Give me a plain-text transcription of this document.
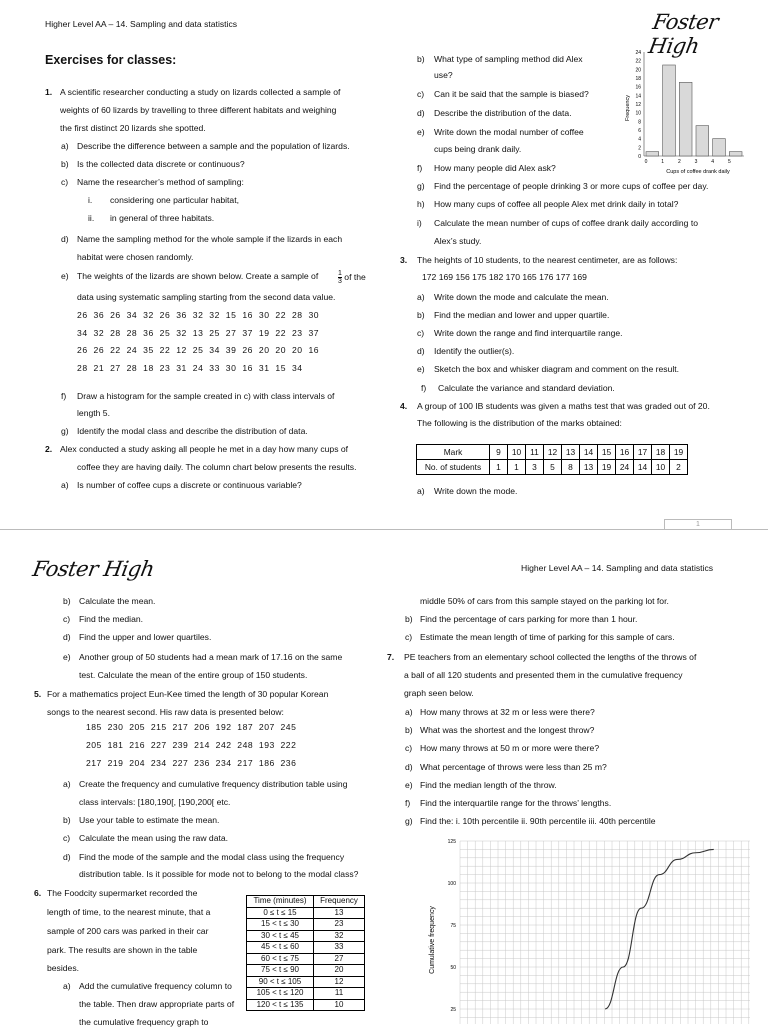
Higher Level AA – 14. Sampling and data statistics	Foster High
Exercises for classes:
1. A scientific researcher conducting a study on lizards collected a sample of
weights of 60 lizards by travelling to three different habitats and weighing
the first distinct 20 lizards she spotted.
a) Describe the difference between a sample and the population of lizards.
b) Is the collected data discrete or continuous?
c) Name the researcher’s method of sampling:
i. considering one particular habitat,
ii. in general of three habitats.
d) Name the sampling method for the whole sample if the lizards in each
habitat were chosen randomly.
e) The weights of the lizards are shown below. Create a sample of
data using systematic sampling starting from the second data value.
f) Draw a histogram for the sample created in c) with class intervals of
length 5.
g) Identify the modal class and describe the distribution of data.
2. Alex conducted a study asking all people he met in a day how many cups of
coffee they are having daily. The column chart below presents the results.
a) Is number of coffee cups a discrete or continuous variable?
$\frac{1}{3}$ of the
26  36  26  34  32  26  36  32  32  15  16  30  22  28  30
34  32  28  28  36  25  32  13  25  27  37  19  22  23  37
26  26  22  24  35  22  12  25  34  39  26  20  20  20  16
28  21  27  28  18  23  31  24  33  30  16  31  15  34
b) What type of sampling method did Alex
use?
c) Can it be said that the sample is biased?
d) Describe the distribution of the data.
e) Write down the modal number of coffee
cups being drank daily.
f) How many people did Alex ask?
g) Find the percentage of people drinking 3 or more cups of coffee per day.
h) How many cups of coffee all people Alex met drink daily in total?
i) Calculate the mean number of cups of coffee drank daily according to
Alex’s study.
3. The heights of 10 students, to the nearest centimeter, are as follows:
172 169 156 175 182 170 165 176 177 169
a) Write down the mode and calculate the mean.
b) Find the median and lower and upper quartile.
c) Write down the range and find interquartile range.
d) Identify the outlier(s).
e) Sketch the box and whisker diagram and comment on the result.
f) Calculate the variance and standard deviation.
4. A group of 100 IB students was given a maths test that was graded out of 20.
The following is the distribution of the marks obtained:
a) Write down the mode.
Frequency
0
2
4
6
8
10
12
14
16
18
20
22
24
0	1	2	3	4	5
Cups of coffee drank daily
Mark	9	10	11	12	13	14	15	16	17	18	19
No. of students	1	1	3	5	8	13	19	24	14	10	2
1
Foster High	Higher Level AA – 14. Sampling and data statistics
b) Calculate the mean.
c) Find the median.
d) Find the upper and lower quartiles.
e) Another group of 50 students had a mean mark of 17.16 on the same
test. Calculate the mean of the entire group of 150 students.
5. For a mathematics project Eun-Kee timed the length of 30 popular Korean
songs to the nearest second. His raw data is presented below:
a) Create the frequency and cumulative frequency distribution table using
class intervals: [180,190[, [190,200[ etc.
b) Use your table to estimate the mean.
c) Calculate the mean using the raw data.
d) Find the mode of the sample and the modal class using the frequency
distribution table. Is it possible for mode not to belong to the modal class?
6. The Foodcity supermarket recorded the
length of time, to the nearest minute, that a
sample of 200 cars was parked in their car
park. The results are shown in the table
besides.
a) Add the cumulative frequency column to
the table. Then draw appropriate parts of
the cumulative frequency graph to
185  230  205  215  217  206  192  187  207  245
205  181  216  227  239  214  242  248  193  222
217  219  204  234  227  236  234  217  186  236
Time (minutes)	Frequency
0 ≤ t ≤ 15	13
15 < t ≤ 30	23
30 < t ≤ 45	32
45 < t ≤ 60	33
60 < t ≤ 75	27
75 < t ≤ 90	20
90 < t ≤ 105	12
105 < t ≤ 120	11
120 < t ≤ 135	10
middle 50% of cars from this sample stayed on the parking lot for.
b) Find the percentage of cars parking for more than 1 hour.
c) Estimate the mean length of time of parking for this sample of cars.
7. PE teachers from an elementary school collected the lengths of the throws of
a ball of all 120 students and presented them in the cumulative frequency
graph seen below.
a) How many throws at 32 m or less were there?
b) What was the shortest and the longest throw?
c) How many throws at 50 m or more were there?
d) What percentage of throws were less than 25 m?
e) Find the median length of the throw.
f) Find the interquartile range for the throws’ lengths.
g) Find the: i. 10th percentile ii. 90th percentile iii. 40th percentile
Cumulative frequency
25
50
75
100
125
